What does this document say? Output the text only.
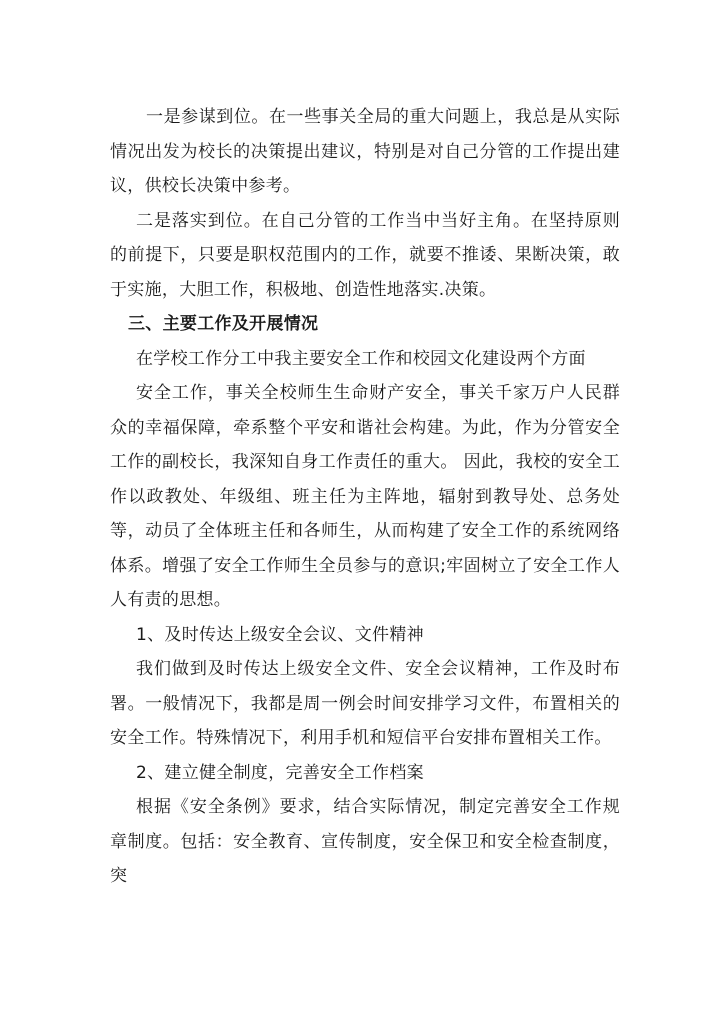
一是参谋到位。在一些事关全局的重大问题上，我总是从实际情况出发为校长的决策提出建议，特别是对自己分管的工作提出建议，供校长决策中参考。

二是落实到位。在自己分管的工作当中当好主角。在坚持原则的前提下，只要是职权范围内的工作，就要不推诿、果断决策，敢于实施，大胆工作，积极地、创造性地落实.决策。

三、主要工作及开展情况

在学校工作分工中我主要安全工作和校园文化建设两个方面

安全工作，事关全校师生生命财产安全，事关千家万户人民群众的幸福保障，牵系整个平安和谐社会构建。为此，作为分管安全工作的副校长，我深知自身工作责任的重大。 因此，我校的安全工作以政教处、年级组、班主任为主阵地，辐射到教导处、总务处等，动员了全体班主任和各师生，从而构建了安全工作的系统网络体系。增强了安全工作师生全员参与的意识;牢固树立了安全工作人人有责的思想。

1、及时传达上级安全会议、文件精神

我们做到及时传达上级安全文件、安全会议精神，工作及时布署。一般情况下，我都是周一例会时间安排学习文件，布置相关的安全工作。特殊情况下，利用手机和短信平台安排布置相关工作。

2、建立健全制度，完善安全工作档案

根据《安全条例》要求，结合实际情况，制定完善安全工作规章制度。包括：安全教育、宣传制度，安全保卫和安全检查制度，突
